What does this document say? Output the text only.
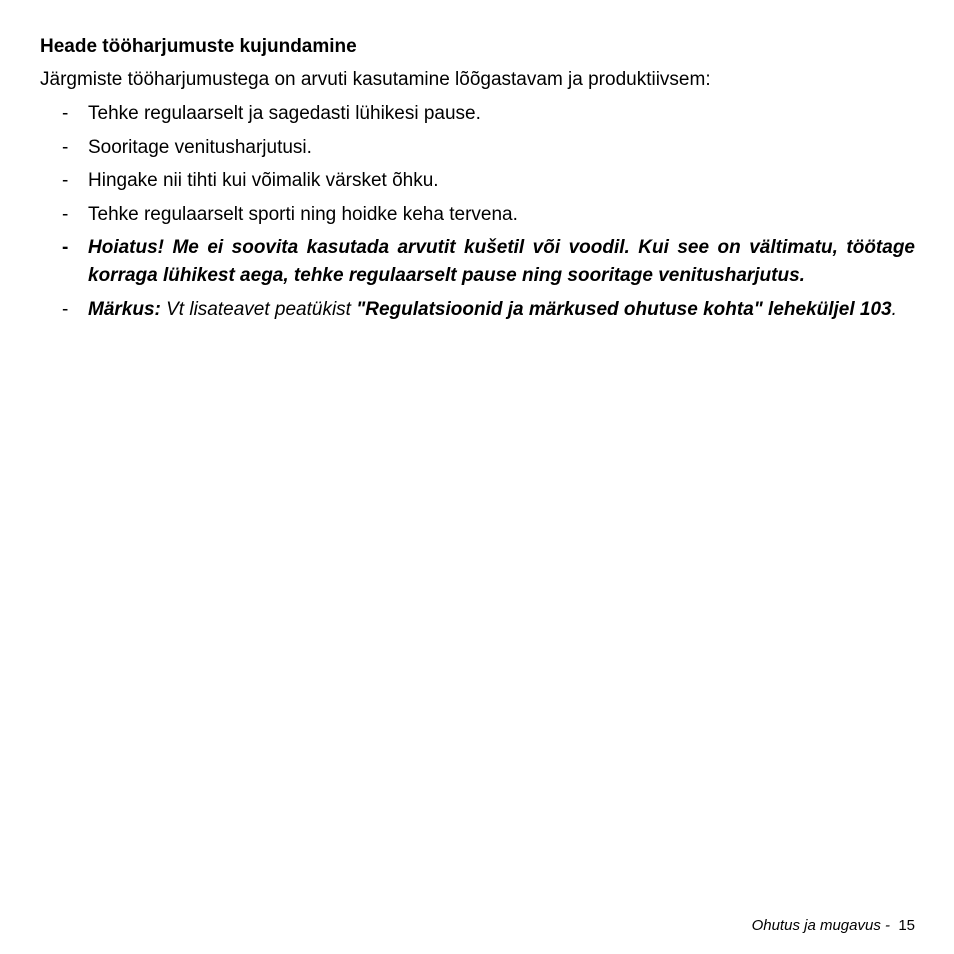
Heade tööharjumuste kujundamine

Järgmiste tööharjumustega on arvuti kasutamine lõõgastavam ja produktiivsem:

- Tehke regulaarselt ja sagedasti lühikesi pause.
- Sooritage venitusharjutusi.
- Hingake nii tihti kui võimalik värsket õhku.
- Tehke regulaarselt sporti ning hoidke keha tervena.
- Hoiatus! Me ei soovita kasutada arvutit kušetil või voodil. Kui see on vältimatu, töötage korraga lühikest aega, tehke regulaarselt pause ning sooritage venitusharjutus.
- Märkus: Vt lisateavet peatükist "Regulatsioonid ja märkused ohutuse kohta" leheküljel 103.
Ohutus ja mugavus -  15
